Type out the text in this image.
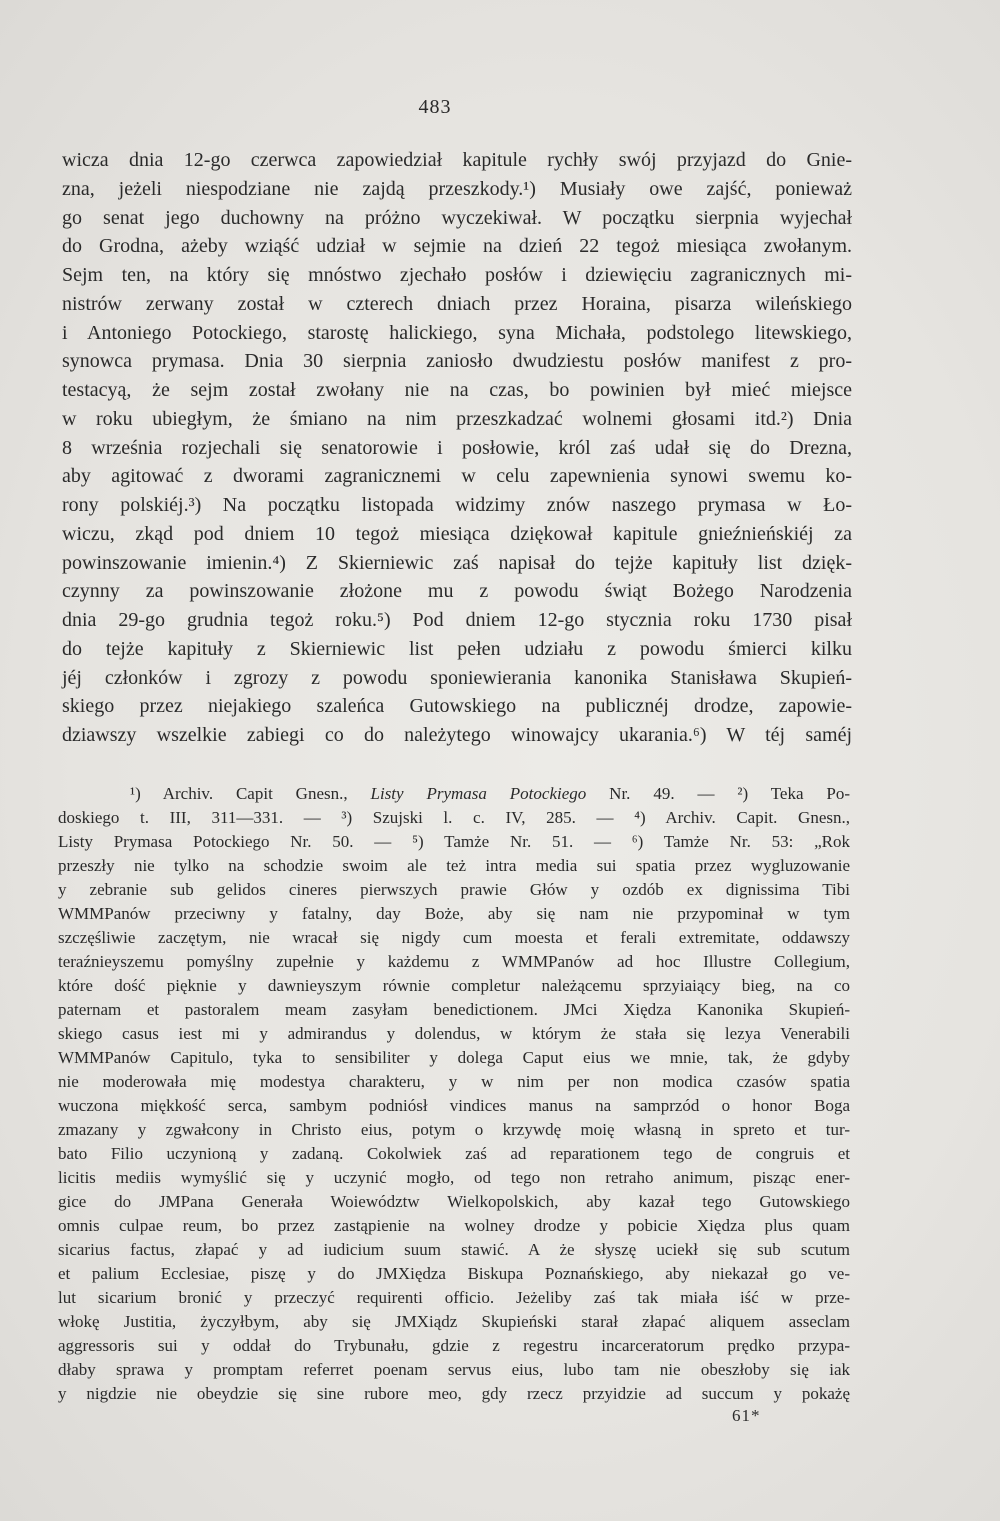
483
wicza dnia 12-go czerwca zapowiedział kapitule rychły swój przyjazd do Gnie-
zna, jeżeli niespodziane nie zajdą przeszkody.¹) Musiały owe zajść, ponieważ
go senat jego duchowny na próżno wyczekiwał. W początku sierpnia wyjechał
do Grodna, ażeby wziąść udział w sejmie na dzień 22 tegoż miesiąca zwołanym.
Sejm ten, na który się mnóstwo zjechało posłów i dziewięciu zagranicznych mi-
nistrów zerwany został w czterech dniach przez Horaina, pisarza wileńskiego
i Antoniego Potockiego, starostę halickiego, syna Michała, podstolego litewskiego,
synowca prymasa. Dnia 30 sierpnia zaniosło dwudziestu posłów manifest z pro-
testacyą, że sejm został zwołany nie na czas, bo powinien był mieć miejsce
w roku ubiegłym, że śmiano na nim przeszkadzać wolnemi głosami itd.²) Dnia
8 września rozjechali się senatorowie i posłowie, król zaś udał się do Drezna,
aby agitować z dworami zagranicznemi w celu zapewnienia synowi swemu ko-
rony polskiéj.³) Na początku listopada widzimy znów naszego prymasa w Ło-
wiczu, zkąd pod dniem 10 tegoż miesiąca dziękował kapitule gnieźnieńskiéj za
powinszowanie imienin.⁴) Z Skierniewic zaś napisał do tejże kapituły list dzięk-
czynny za powinszowanie złożone mu z powodu świąt Bożego Narodzenia
dnia 29-go grudnia tegoż roku.⁵) Pod dniem 12-go stycznia roku 1730 pisał
do tejże kapituły z Skierniewic list pełen udziału z powodu śmierci kilku
jéj członków i zgrozy z powodu sponiewierania kanonika Stanisława Skupień-
skiego przez niejakiego szaleńca Gutowskiego na publicznéj drodze, zapowie-
dziawszy wszelkie zabiegi co do należytego winowajcy ukarania.⁶) W téj saméj
¹) Archiv. Capit Gnesn., Listy Prymasa Potockiego Nr. 49. — ²) Teka Po-
doskiego t. III, 311—331. — ³) Szujski l. c. IV, 285. — ⁴) Archiv. Capit. Gnesn.,
Listy Prymasa Potockiego Nr. 50. — ⁵) Tamże Nr. 51. — ⁶) Tamże Nr. 53: „Rok
przeszły nie tylko na schodzie swoim ale też intra media sui spatia przez wygluzowanie
y zebranie sub gelidos cineres pierwszych prawie Głów y ozdób ex dignissima Tibi
WMMPanów przeciwny y fatalny, day Boże, aby się nam nie przypominał w tym
szczęśliwie zaczętym, nie wracał się nigdy cum moesta et ferali extremitate, oddawszy
teraźnieyszemu pomyślny zupełnie y każdemu z WMMPanów ad hoc Illustre Collegium,
które dość pięknie y dawnieyszym równie completur należącemu sprzyiaiący bieg, na co
paternam et pastoralem meam zasyłam benedictionem. JMci Xiędza Kanonika Skupień-
skiego casus iest mi y admirandus y dolendus, w którym że stała się lezya Venerabili
WMMPanów Capitulo, tyka to sensibiliter y dolega Caput eius we mnie, tak, że gdyby
nie moderowała mię modestya charakteru, y w nim per non modica czasów spatia
wuczona miękkość serca, sambym podniósł vindices manus na samprzód o honor Boga
zmazany y zgwałcony in Christo eius, potym o krzywdę moię własną in spreto et tur-
bato Filio uczynioną y zadaną. Cokolwiek zaś ad reparationem tego de congruis et
licitis mediis wymyślić się y uczynić mogło, od tego non retraho animum, pisząc ener-
gice do JMPana Generała Woiewództw Wielkopolskich, aby kazał tego Gutowskiego
omnis culpae reum, bo przez zastąpienie na wolney drodze y pobicie Xiędza plus quam
sicarius factus, złapać y ad iudicium suum stawić. A że słyszę uciekł się sub scutum
et palium Ecclesiae, piszę y do JMXiędza Biskupa Poznańskiego, aby niekazał go ve-
lut sicarium bronić y przeczyć requirenti officio. Jeżeliby zaś tak miała iść w prze-
włokę Justitia, życzyłbym, aby się JMXiądz Skupieński starał złapać aliquem asseclam
aggressoris sui y oddał do Trybunału, gdzie z regestru incarceratorum prędko przypa-
dłaby sprawa y promptam referret poenam servus eius, lubo tam nie obeszłoby się iak
y nigdzie nie obeydzie się sine rubore meo, gdy rzecz przyidzie ad succum y pokażę
61*
